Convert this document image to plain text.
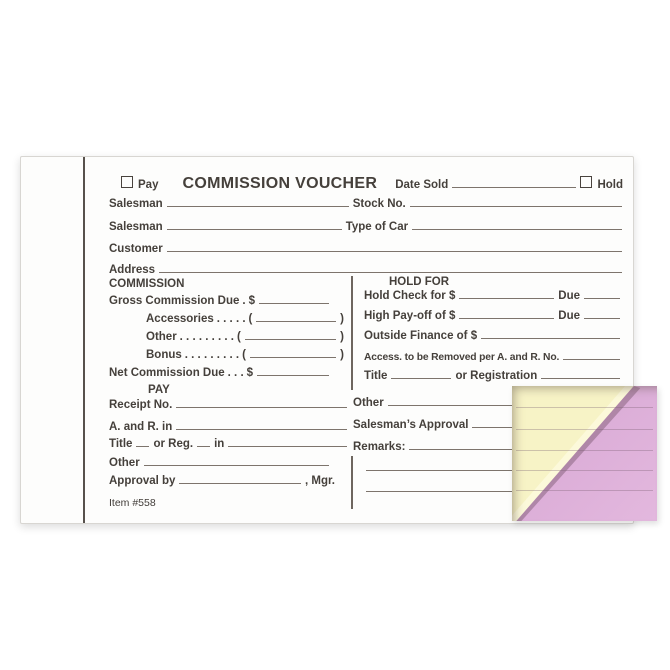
Pay COMMISSION VOUCHER Date Sold	Hold
Salesman	Stock No.
Salesman	Type of Car
Customer
Address
COMMISSION
Gross Commission Due . $
Accessories . . . . . (	)
Other . . . . . . . . . (	)
Bonus . . . . . . . . . (	)
Net Commission Due . . . $
PAY
Receipt No.
A. and R. in
Title or Reg. in
Other
Approval by	, Mgr.
Item #558
HOLD FOR
Hold Check for $	Due
High Pay-off of $	Due
Outside Finance of $
Access. to be Removed per A. and R. No.
Title	or Registration
Other
Salesman’s Approval
Remarks:
